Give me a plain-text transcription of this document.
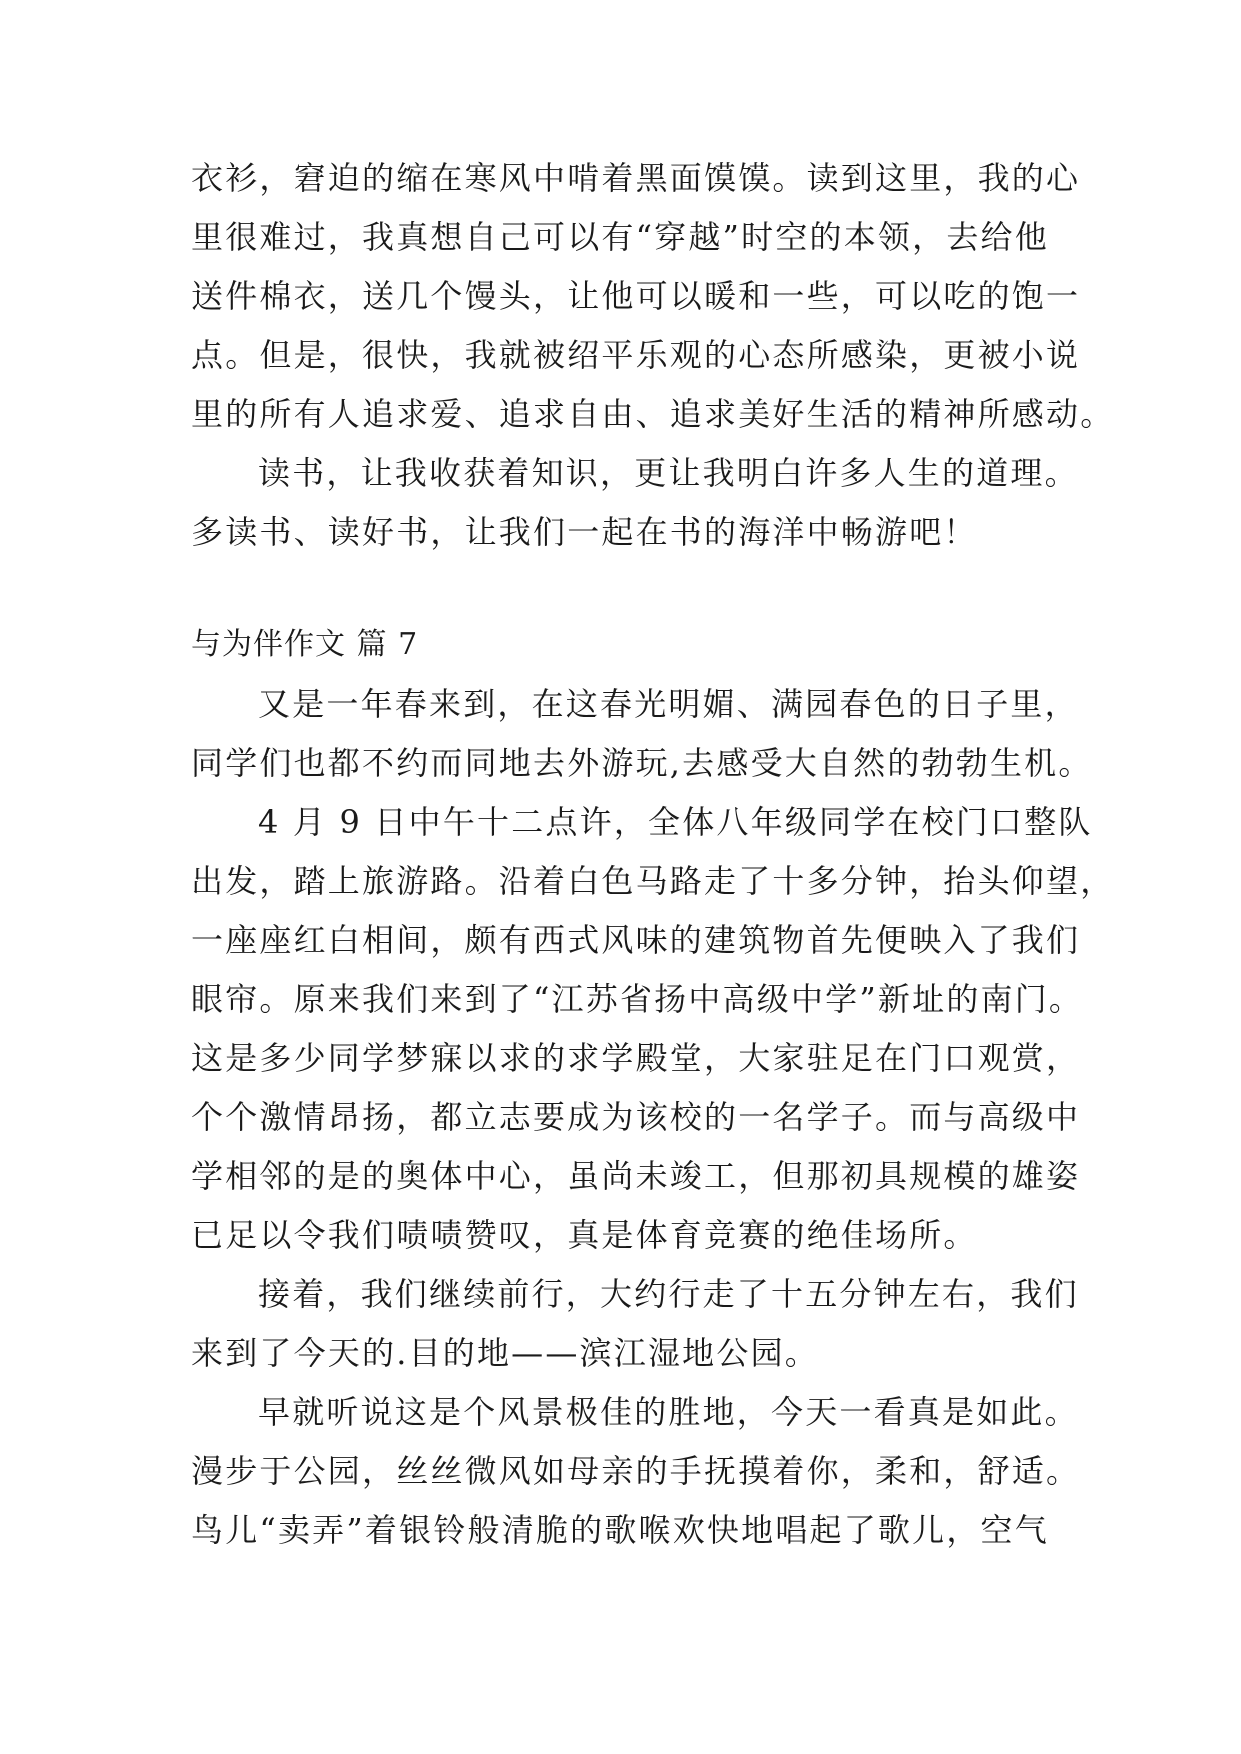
衣衫，窘迫的缩在寒风中啃着黑面馍馍。读到这里，我的心
里很难过，我真想自己可以有“穿越”时空的本领，去给他
送件棉衣，送几个馒头，让他可以暖和一些，可以吃的饱一
点。但是，很快，我就被绍平乐观的心态所感染，更被小说
里的所有人追求爱、追求自由、追求美好生活的精神所感动。
读书，让我收获着知识，更让我明白许多人生的道理。
多读书、读好书，让我们一起在书的海洋中畅游吧！
与为伴作文 篇 7
又是一年春来到，在这春光明媚、满园春色的日子里，
同学们也都不约而同地去外游玩,去感受大自然的勃勃生机。
4 月 9 日中午十二点许，全体八年级同学在校门口整队
出发，踏上旅游路。沿着白色马路走了十多分钟，抬头仰望，
一座座红白相间，颇有西式风味的建筑物首先便映入了我们
眼帘。原来我们来到了“江苏省扬中高级中学”新址的南门。
这是多少同学梦寐以求的求学殿堂，大家驻足在门口观赏，
个个激情昂扬，都立志要成为该校的一名学子。而与高级中
学相邻的是的奥体中心，虽尚未竣工，但那初具规模的雄姿
已足以令我们啧啧赞叹，真是体育竞赛的绝佳场所。
接着，我们继续前行，大约行走了十五分钟左右，我们
来到了今天的.目的地——滨江湿地公园。
早就听说这是个风景极佳的胜地，今天一看真是如此。
漫步于公园，丝丝微风如母亲的手抚摸着你，柔和，舒适。
鸟儿“卖弄”着银铃般清脆的歌喉欢快地唱起了歌儿，空气
